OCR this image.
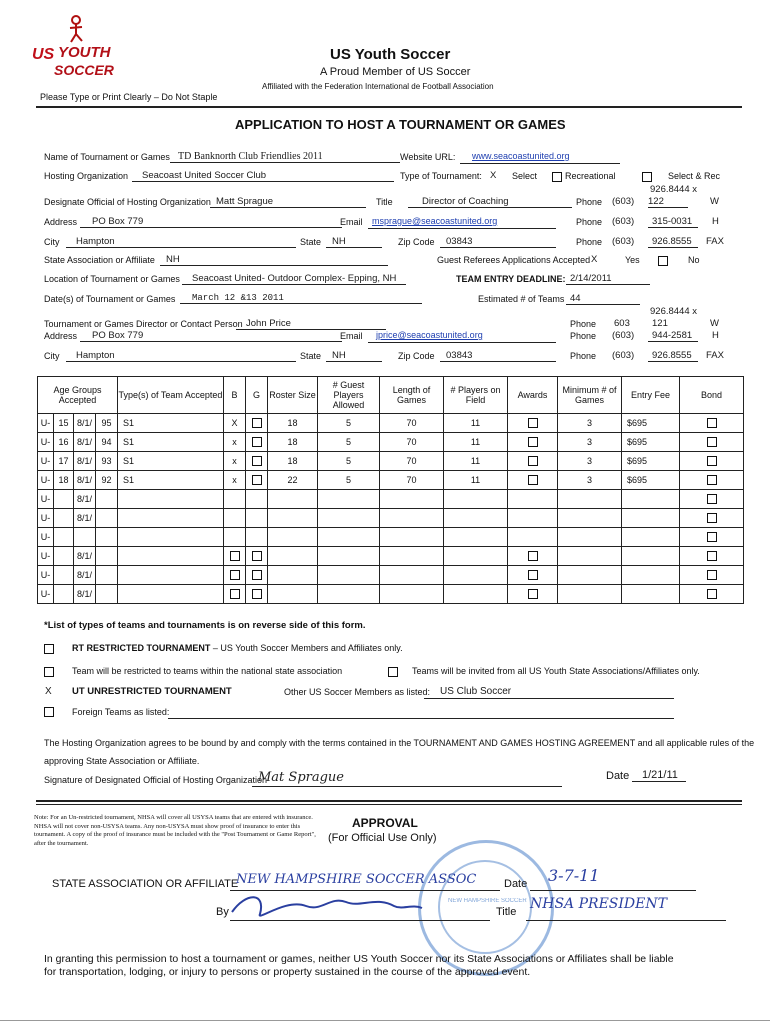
US YOUTH
SOCCER
US Youth Soccer
A Proud Member of US Soccer
Affiliated with the Federation International de Football Association
Please Type or Print Clearly – Do Not Staple
APPLICATION TO HOST A TOURNAMENT OR GAMES
Name of Tournament or Games TD Banknorth Club Friendlies 2011	Website URL: www.seacoastunited.org
Hosting Organization	Seacoast United Soccer Club	Type of Tournament: X Select	Recreational	Select & Rec
926.8444 x
Designate Official of Hosting Organization Matt Sprague	Title	Director of Coaching	Phone (603) 122	W
Address	PO Box 779	Email msprague@seacoastunited.org	Phone (603)	315-0031	H
City	Hampton	State	NH	Zip Code	03843	Phone (603)	926.8555	FAX
State Association or Affiliate	NH	Guest Referees Applications Accepted X	Yes	No
Location of Tournament or Games	Seacoast United- Outdoor Complex- Epping, NH	TEAM ENTRY DEADLINE: 2/14/2011
Date(s) of Tournament or Games	March 12 &13 2011	Estimated # of Teams 44
926.8444 x
Tournament or Games Director or Contact Person John Price	Phone 603 121	W
Address	PO Box 779	Email jprice@seacoastunited.org	Phone (603)	944-2581	H
City	Hampton	State	NH	Zip Code	03843	Phone (603)	926.8555	FAX
Age Groups Accepted				Type(s) of Team Accepted	B	G	Roster Size	# Guest Players Allowed	Length of Games	# Players on Field	Awards	Minimum # of Games	Entry Fee	Bond
U-	15	8/1/	95	S1	X		18	5	70	11		3	$695	
U-	16	8/1/	94	S1	x		18	5	70	11		3	$695	
U-	17	8/1/	93	S1	x		18	5	70	11		3	$695	
U-	18	8/1/	92	S1	x		22	5	70	11		3	$695	
U-		8/1/												
U-		8/1/												
U-														
U-		8/1/												
U-		8/1/												
U-		8/1/												
*List of types of teams and tournaments is on reverse side of this form.
RT RESTRICTED TOURNAMENT – US Youth Soccer Members and Affiliates only.
Team will be restricted to teams within the national state association	Teams will be invited from all US Youth State Associations/Affiliates only.
X UT UNRESTRICTED TOURNAMENT	Other US Soccer Members as listed: US Club Soccer
Foreign Teams as listed:
The Hosting Organization agrees to be bound by and comply with the terms contained in the TOURNAMENT AND GAMES HOSTING AGREEMENT and all applicable rules of the
approving State Association or Affiliate.
Signature of Designated Official of Hosting Organization
Mat Sprague	Date	1/21/11
Note: For an Un-restricted tournament, NHSA will cover all USYSA teams that are entered with insurance. NHSA will not cover non-USYSA teams. Any non-USYSA must show proof of insurance to enter this tournament. A copy of the proof of insurance must be included with the "Post Tournament or Game Report", after the tournament.
APPROVAL
(For Official Use Only)
NEW HAMPSHIRE SOCCER
STATE ASSOCIATION OR AFFILIATE
NEW HAMPSHIRE SOCCER ASSOC	Date 3-7-11
By	Title NHSA PRESIDENT
In granting this permission to host a tournament or games, neither US Youth Soccer nor its State Associations or Affiliates shall be liable for transportation, lodging, or injury to persons or property sustained in the course of the approved event.
